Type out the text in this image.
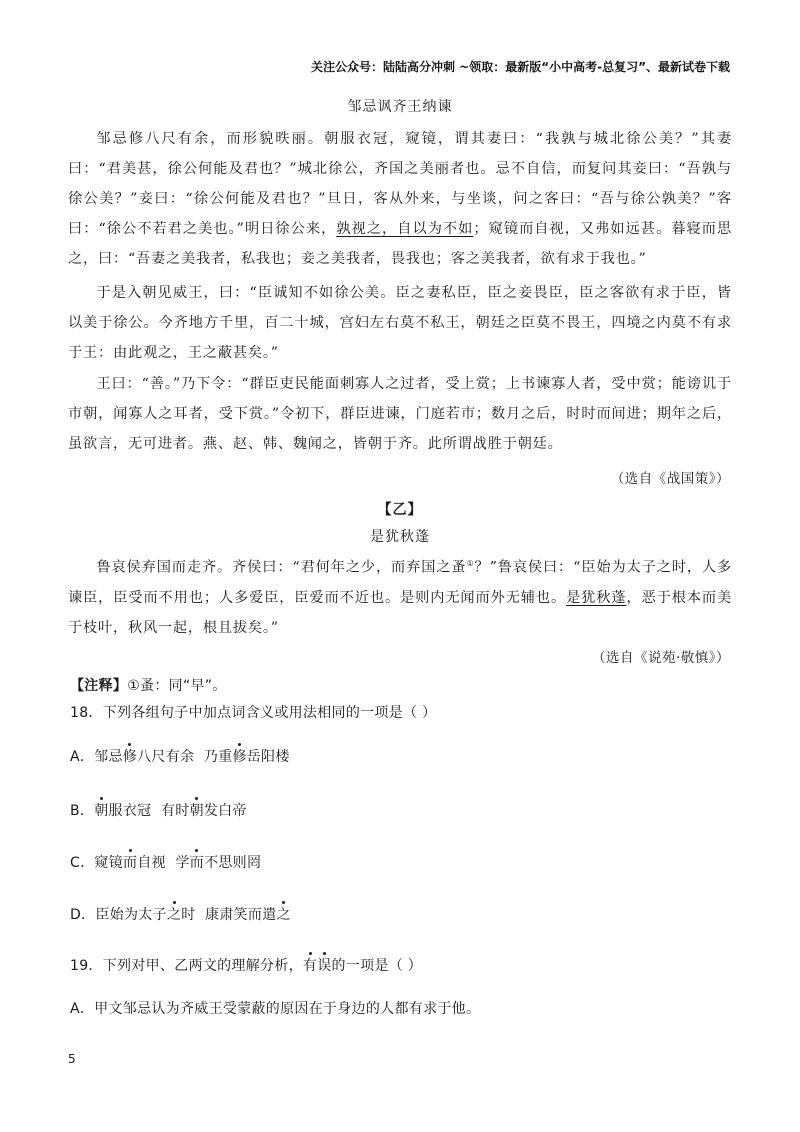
关注公众号：陆陆高分冲刺 ~领取：最新版“小中高考-总复习”、最新试卷下载
邹忌讽齐王纳谏

邹忌修八尺有余，而形貌昳丽。朝服衣冠，窥镜，谓其妻曰：“我孰与城北徐公美？”其妻曰：“君美甚，徐公何能及君也？”城北徐公，齐国之美丽者也。忌不自信，而复问其妾曰：“吾孰与徐公美？”妾曰：“徐公何能及君也？”旦日，客从外来，与坐谈，问之客曰：“吾与徐公孰美？”客曰：“徐公不若君之美也。”明日徐公来，孰视之，自以为不如；窥镜而自视，又弗如远甚。暮寝而思之，曰：“吾妻之美我者，私我也；妾之美我者，畏我也；客之美我者，欲有求于我也。”

于是入朝见威王，曰：“臣诚知不如徐公美。臣之妻私臣，臣之妾畏臣，臣之客欲有求于臣，皆以美于徐公。今齐地方千里，百二十城，宫妇左右莫不私王，朝廷之臣莫不畏王，四境之内莫不有求于王：由此观之，王之蔽甚矣。”

王曰：“善。”乃下令：“群臣吏民能面刺寡人之过者，受上赏；上书谏寡人者，受中赏；能谤讥于市朝，闻寡人之耳者，受下赏。”令初下，群臣进谏，门庭若市；数月之后，时时而间进；期年之后，虽欲言，无可进者。燕、赵、韩、魏闻之，皆朝于齐。此所谓战胜于朝廷。

（选自《战国策》）
【乙】
是犹秋蓬

鲁哀侯弃国而走齐。齐侯曰：“君何年之少，而弃国之蚤①？”鲁哀侯曰：“臣始为太子之时，人多谏臣，臣受而不用也；人多爱臣，臣爱而不近也。是则内无闻而外无辅也。是犹秋蓬，恶于根本而美于枝叶，秋风一起，根且拔矣。”

（选自《说苑·敬慎》）
【注释】①蚤：同“早”。
18．下列各组句子中加点词含义或用法相同的一项是（ ）
A．邹忌修八尺有余 乃重修岳阳楼
B．朝服衣冠 有时朝发白帝
C．窥镜而自视 学而不思则罔
D．臣始为太子之时 康肃笑而遣之
19．下列对甲、乙两文的理解分析，有误的一项是（ ）
A．甲文邹忌认为齐威王受蒙蔽的原因在于身边的人都有求于他。
5
